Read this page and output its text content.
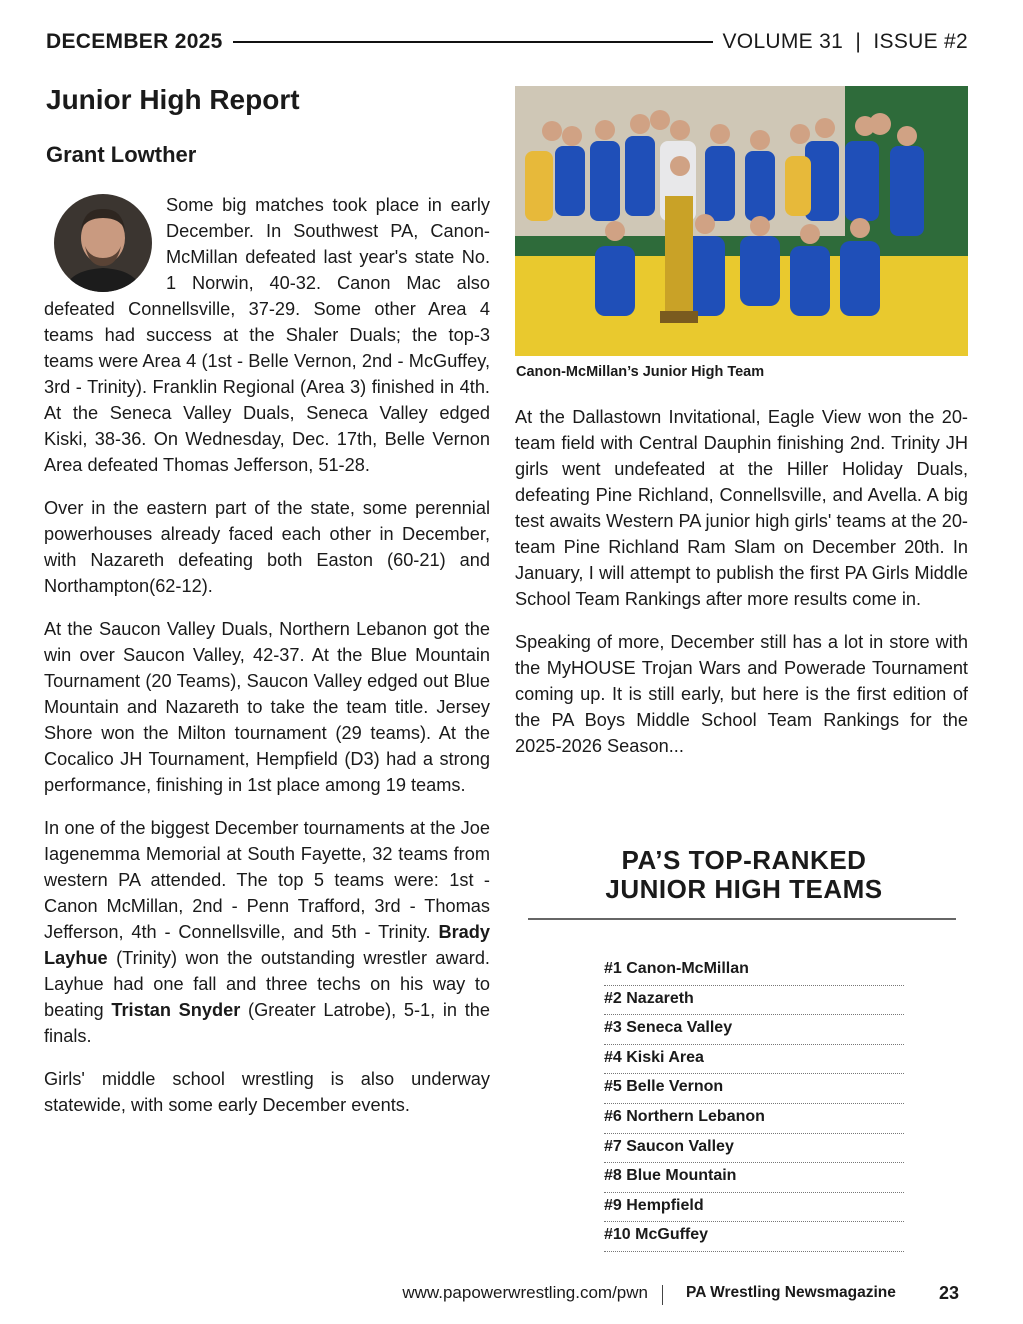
DECEMBER 2025	VOLUME 31  |  ISSUE #2
Junior High Report
Grant Lowther

Some big matches took place in early December. In Southwest PA, Canon-McMillan defeated last year's state No. 1 Norwin, 40-32. Canon Mac also defeated Connellsville, 37-29. Some other Area 4 teams had success at the Shaler Duals; the top-3 teams were Area 4 (1st - Belle Vernon, 2nd - McGuffey, 3rd - Trinity). Franklin Regional (Area 3) finished in 4th. At the Seneca Valley Duals, Seneca Valley edged Kiski, 38-36. On Wednesday, Dec. 17th, Belle Vernon Area defeated Thomas Jefferson, 51-28.

Over in the eastern part of the state, some perennial powerhouses already faced each other in December, with Nazareth defeating both Easton (60-21) and Northampton(62-12).

At the Saucon Valley Duals, Northern Lebanon got the win over Saucon Valley, 42-37. At the Blue Mountain Tournament (20 Teams), Saucon Valley edged out Blue Mountain and Nazareth to take the team title. Jersey Shore won the Milton tournament (29 teams). At the Cocalico JH Tournament, Hempfield (D3) had a strong performance, finishing in 1st place among 19 teams.

In one of the biggest December tournaments at the Joe Iagenemma Memorial at South Fayette, 32 teams from western PA attended. The top 5 teams were: 1st - Canon McMillan, 2nd - Penn Trafford, 3rd - Thomas Jefferson, 4th - Connellsville, and 5th - Trinity. Brady Layhue (Trinity) won the outstanding wrestler award. Layhue had one fall and three techs on his way to beating Tristan Snyder (Greater Latrobe), 5-1, in the finals.

Girls' middle school wrestling is also underway statewide, with some early December events.

Canon-McMillan’s Junior High Team

At the Dallastown Invitational, Eagle View won the 20-team field with Central Dauphin finishing 2nd. Trinity JH girls went undefeated at the Hiller Holiday Duals, defeating Pine Richland, Connellsville, and Avella. A big test awaits Western PA junior high girls' teams at the 20-team Pine Richland Ram Slam on December 20th. In January, I will attempt to publish the first PA Girls Middle School Team Rankings after more results come in.

Speaking of more, December still has a lot in store with the MyHOUSE Trojan Wars and Powerade Tournament coming up. It is still early, but here is the first edition of the PA Boys Middle School Team Rankings for the 2025-2026 Season...

PA’S TOP-RANKED
JUNIOR HIGH TEAMS
#1 Canon-McMillan
#2 Nazareth
#3 Seneca Valley
#4 Kiski Area
#5 Belle Vernon
#6 Northern Lebanon
#7 Saucon Valley
#8 Blue Mountain
#9 Hempfield
#10 McGuffey
www.papowerwrestling.com/pwn PA Wrestling Newsmagazine 23
